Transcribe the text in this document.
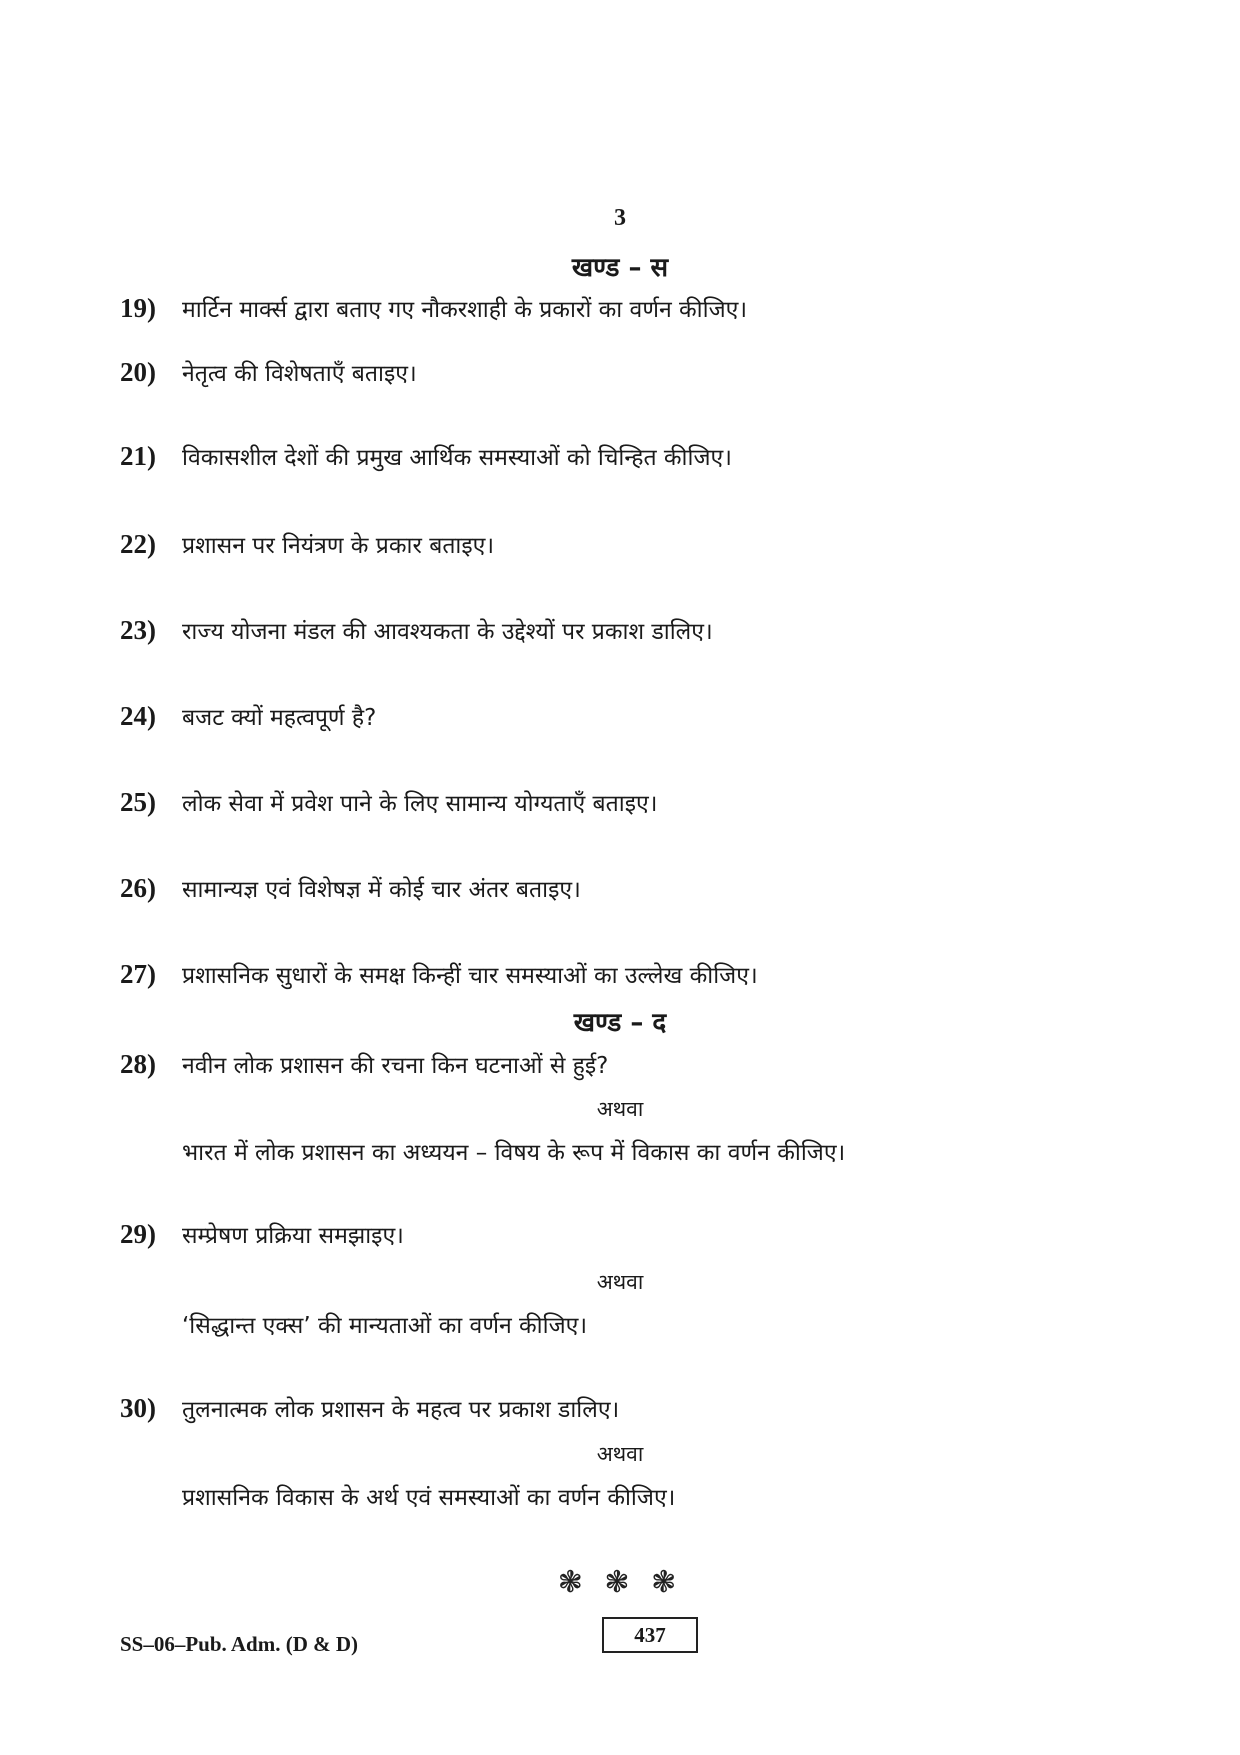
3
खण्ड – स
19) मार्टिन मार्क्स द्वारा बताए गए नौकरशाही के प्रकारों का वर्णन कीजिए।
20) नेतृत्व की विशेषताएँ बताइए।
21) विकासशील देशों की प्रमुख आर्थिक समस्याओं को चिन्हित कीजिए।
22) प्रशासन पर नियंत्रण के प्रकार बताइए।
23) राज्य योजना मंडल की आवश्यकता के उद्देश्यों पर प्रकाश डालिए।
24) बजट क्यों महत्वपूर्ण है?
25) लोक सेवा में प्रवेश पाने के लिए सामान्य योग्यताएँ बताइए।
26) सामान्यज्ञ एवं विशेषज्ञ में कोई चार अंतर बताइए।
27) प्रशासनिक सुधारों के समक्ष किन्हीं चार समस्याओं का उल्लेख कीजिए।
खण्ड – द
28) नवीन लोक प्रशासन की रचना किन घटनाओं से हुई?
अथवा
भारत में लोक प्रशासन का अध्ययन – विषय के रूप में विकास का वर्णन कीजिए।
29) सम्प्रेषण प्रक्रिया समझाइए।
अथवा
‘सिद्धान्त एक्स’ की मान्यताओं का वर्णन कीजिए।
30) तुलनात्मक लोक प्रशासन के महत्व पर प्रकाश डालिए।
अथवा
प्रशासनिक विकास के अर्थ एवं समस्याओं का वर्णन कीजिए।
❃ ❃ ❃
SS–06–Pub. Adm. (D & D)	437
